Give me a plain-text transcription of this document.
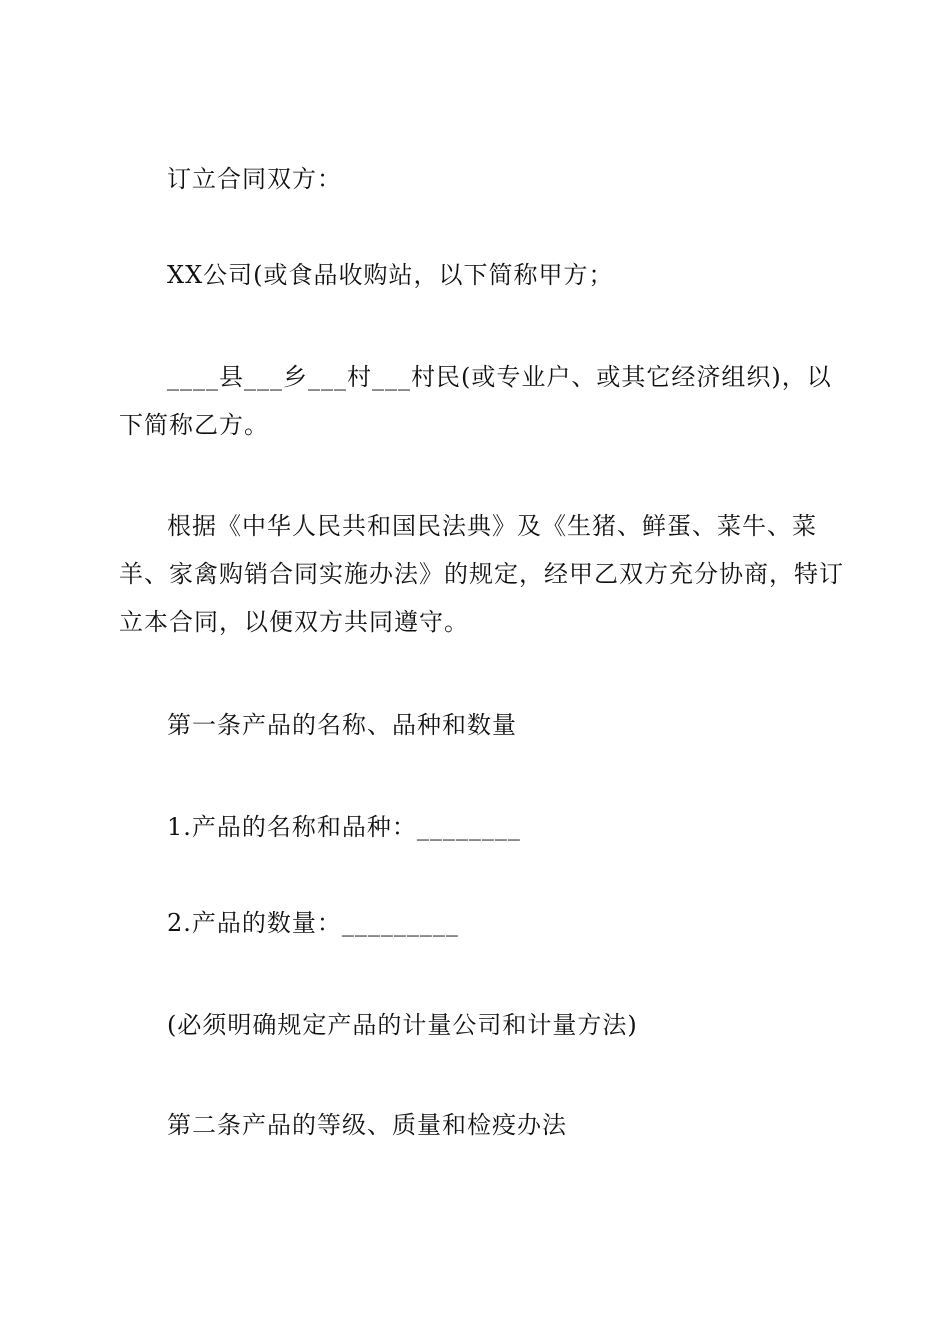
订立合同双方：

XX公司(或食品收购站，以下简称甲方；

____县___乡___村___村民(或专业户、或其它经济组织)，以下简称乙方。

根据《中华人民共和国民法典》及《生猪、鲜蛋、菜牛、菜羊、家禽购销合同实施办法》的规定，经甲乙双方充分协商，特订立本合同，以便双方共同遵守。

第一条产品的名称、品种和数量

1.产品的名称和品种：________

2.产品的数量：_________

(必须明确规定产品的计量公司和计量方法)

第二条产品的等级、质量和检疫办法
